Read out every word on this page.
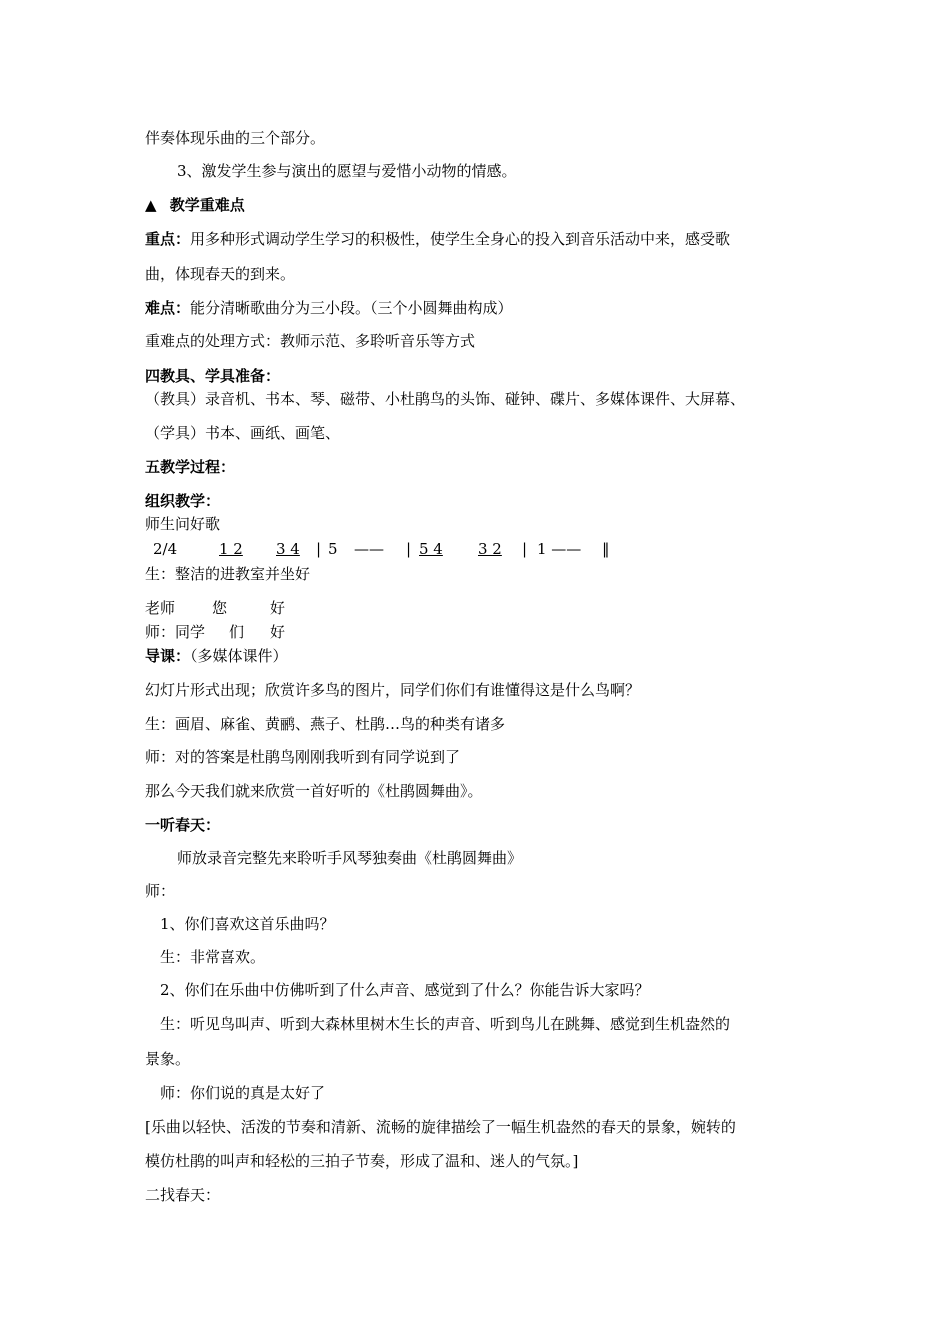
伴奏体现乐曲的三个部分。
3、激发学生参与演出的愿望与爱惜小动物的情感。
▲ 教学重难点
重点：用多种形式调动学生学习的积极性，使学生全身心的投入到音乐活动中来，感受歌
曲，体现春天的到来。
难点：能分清晰歌曲分为三小段。（三个小圆舞曲构成）
重难点的处理方式：教师示范、多聆听音乐等方式
四教具、学具准备：
（教具）录音机、书本、琴、磁带、小杜鹃鸟的头饰、碰钟、碟片、多媒体课件、大屏幕、
（学具）书本、画纸、画笔、
五教学过程：
组织教学：
师生问好歌
2/4	1 2 3 4 | 5 —— | 5 4 3 2 | 1 —— ‖
生：整洁的进教室并坐好
老师 您	好
师：同学 们 好
导课：（多媒体课件）
幻灯片形式出现；欣赏许多鸟的图片，同学们你们有谁懂得这是什么鸟啊？
生：画眉、麻雀、黄鹂、燕子、杜鹃…鸟的种类有诸多
师：对的答案是杜鹃鸟刚刚我听到有同学说到了
那么今天我们就来欣赏一首好听的《杜鹃圆舞曲》。
一听春天：
师放录音完整先来聆听手风琴独奏曲《杜鹃圆舞曲》
师：
1、你们喜欢这首乐曲吗？
生：非常喜欢。
2、你们在乐曲中仿佛听到了什么声音、感觉到了什么？你能告诉大家吗？
生：听见鸟叫声、听到大森林里树木生长的声音、听到鸟儿在跳舞、感觉到生机盎然的
景象。
师：你们说的真是太好了
[乐曲以轻快、活泼的节奏和清新、流畅的旋律描绘了一幅生机盎然的春天的景象，婉转的
模仿杜鹃的叫声和轻松的三拍子节奏，形成了温和、迷人的气氛。]
二找春天：
